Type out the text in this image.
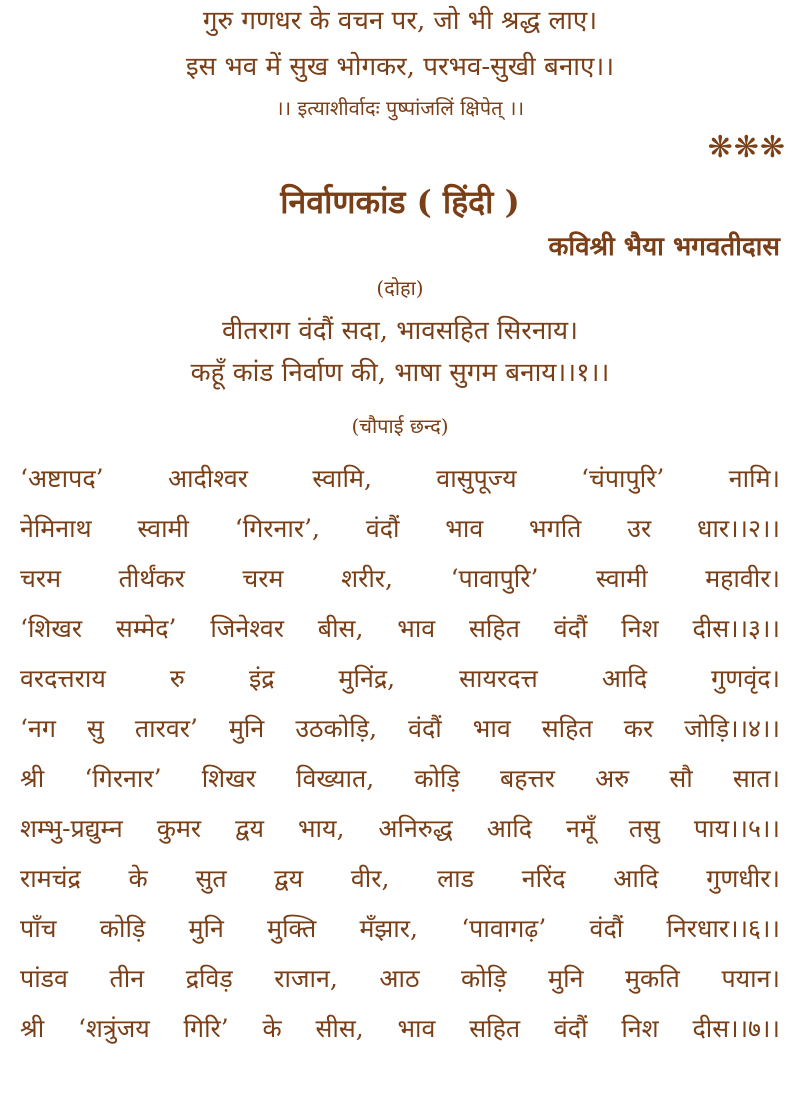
गुरु गणधर के वचन पर, जो भी श्रद्ध लाए।
इस भव में सुख भोगकर, परभव-सुखी बनाए।।
।। इत्याशीर्वादः पुष्पांजलिं क्षिपेत् ।।
❋❋❋
निर्वाणकांड ( हिंदी )
कविश्री भैया भगवतीदास
(दोहा)
वीतराग वंदौं सदा, भावसहित सिरनाय।
कहूँ कांड निर्वाण की, भाषा सुगम बनाय।।१।।
(चौपाई छन्द)
‘अष्टापद’ आदीश्वर स्वामि, वासुपूज्य ‘चंपापुरि’ नामि।
नेमिनाथ स्वामी ‘गिरनार’, वंदौं भाव भगति उर धार।।२।।
चरम तीर्थंकर चरम शरीर, ‘पावापुरि’ स्वामी महावीर।
‘शिखर सम्मेद’ जिनेश्वर बीस, भाव सहित वंदौं निश दीस।।३।।
वरदत्तराय रु इंद्र मुनिंद्र, सायरदत्त आदि गुणवृंद।
‘नग सु तारवर’ मुनि उठकोड़ि, वंदौं भाव सहित कर जोड़ि।।४।।
श्री ‘गिरनार’ शिखर विख्यात, कोड़ि बहत्तर अरु सौ सात।
शम्भु-प्रद्युम्न कुमर द्वय भाय, अनिरुद्ध आदि नमूँ तसु पाय।।५।।
रामचंद्र के सुत द्वय वीर, लाड नरिंद आदि गुणधीर।
पाँच कोड़ि मुनि मुक्ति मँझार, ‘पावागढ़’ वंदौं निरधार।।६।।
पांडव तीन द्रविड़ राजान, आठ कोड़ि मुनि मुकति पयान।
श्री ‘शत्रुंजय गिरि’ के सीस, भाव सहित वंदौं निश दीस।।७।।
